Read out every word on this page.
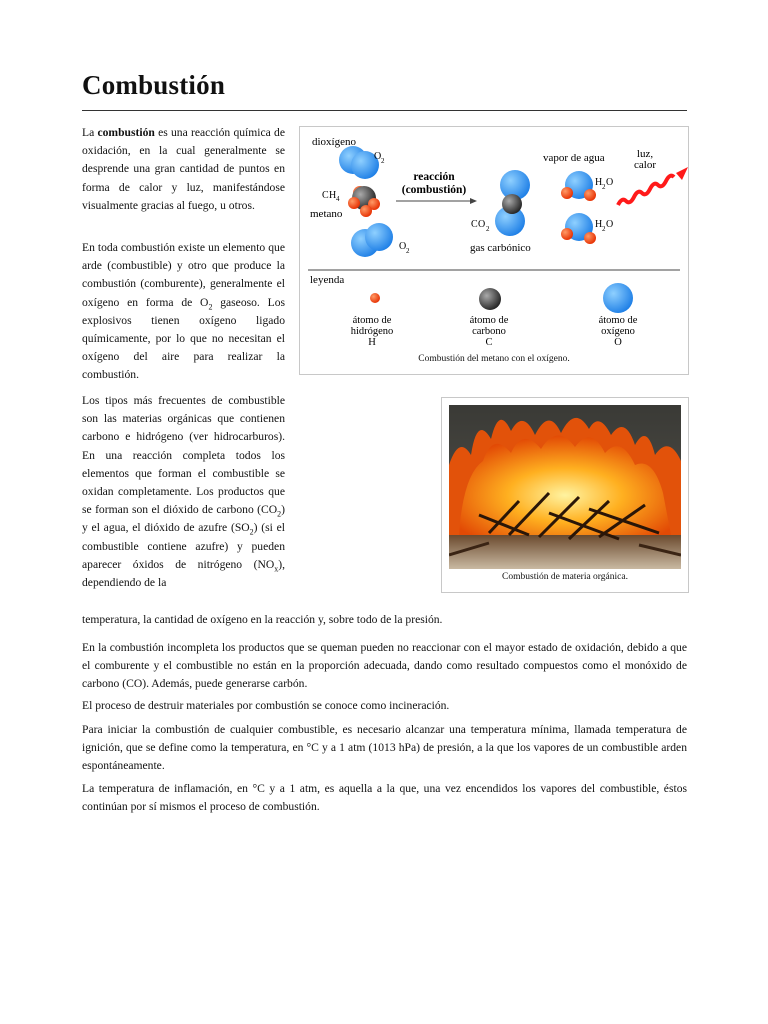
Combustión

La combustión es una reacción química de oxidación, en la cual generalmente se desprende una gran cantidad de puntos en forma de calor y luz, manifestándose visualmente gracias al fuego, u otros.

En toda combustión existe un elemento que arde (combustible) y otro que produce la combustión (comburente), generalmente el oxígeno en forma de $O_2$ gaseoso. Los explosivos tienen oxígeno ligado químicamente, por lo que no necesitan el oxígeno del aire para realizar la combustión.

dioxígeno
O 2
C H 4
metano
O 2
reacción
(combustión)
C O 2
gas carbónico
vapor de agua
H 2 O
H 2 O
luz,
calor
leyenda
átomo de
hidrógeno
H
átomo de
carbono
C
átomo de
oxígeno
O
Combustión del metano con el oxígeno.

Los tipos más frecuentes de combustible son las materias orgánicas que contienen carbono e hidrógeno (ver hidrocarburos). En una reacción completa todos los elementos que forman el combustible se oxidan completamente. Los productos que se forman son el dióxido de carbono $(CO_2)$ y el agua, el dióxido de azufre $(SO_2)$ (si el combustible contiene azufre) y pueden aparecer óxidos de nitrógeno $(NO_x)$, dependiendo de la

temperatura, la cantidad de oxígeno en la reacción y, sobre todo de la presión.

Combustión de materia orgánica.

En la combustión incompleta los productos que se queman pueden no reaccionar con el mayor estado de oxidación, debido a que el comburente y el combustible no están en la proporción adecuada, dando como resultado compuestos como el monóxido de carbono (CO). Además, puede generarse carbón.

El proceso de destruir materiales por combustión se conoce como incineración.

Para iniciar la combustión de cualquier combustible, es necesario alcanzar una temperatura mínima, llamada temperatura de ignición, que se define como la temperatura, en °C y a 1 atm (1013 hPa) de presión, a la que los vapores de un combustible arden espontáneamente.

La temperatura de inflamación, en °C y a 1 atm, es aquella a la que, una vez encendidos los vapores del combustible, éstos continúan por sí mismos el proceso de combustión.
